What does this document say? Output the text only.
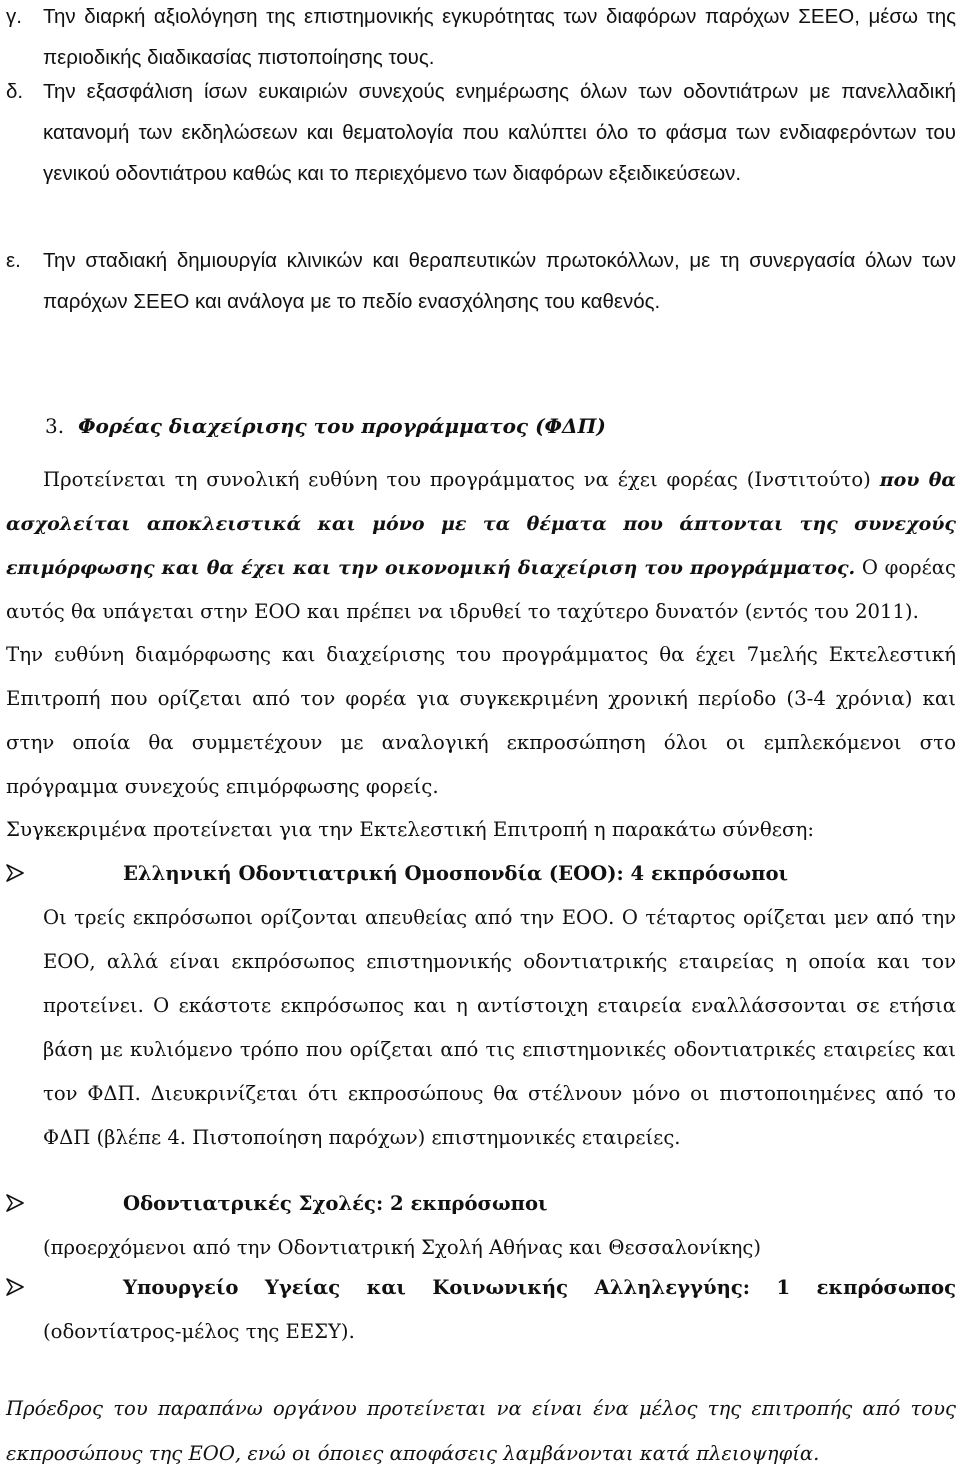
γ. Την διαρκή αξιολόγηση της επιστημονικής εγκυρότητας των διαφόρων παρόχων ΣΕΕΟ, μέσω της περιοδικής διαδικασίας πιστοποίησης τους.
δ. Την εξασφάλιση ίσων ευκαιριών συνεχούς ενημέρωσης όλων των οδοντιάτρων με πανελλαδική κατανομή των εκδηλώσεων και θεματολογία που καλύπτει όλο το φάσμα των ενδιαφερόντων του γενικού οδοντιάτρου καθώς και το περιεχόμενο των διαφόρων εξειδικεύσεων.
ε. Την σταδιακή δημιουργία κλινικών και θεραπευτικών πρωτοκόλλων, με τη συνεργασία όλων των παρόχων ΣΕΕΟ και ανάλογα με το πεδίο ενασχόλησης του καθενός.
3. Φορέας διαχείρισης του προγράμματος (ΦΔΠ)
Προτείνεται τη συνολική ευθύνη του προγράμματος να έχει φορέας (Ινστιτούτο) που θα ασχολείται αποκλειστικά και μόνο με τα θέματα που άπτονται της συνεχούς επιμόρφωσης και θα έχει και την οικονομική διαχείριση του προγράμματος. Ο φορέας αυτός θα υπάγεται στην ΕΟΟ και πρέπει να ιδρυθεί το ταχύτερο δυνατόν (εντός του 2011).
Την ευθύνη διαμόρφωσης και διαχείρισης του προγράμματος θα έχει 7μελής Εκτελεστική Επιτροπή που ορίζεται από τον φορέα για συγκεκριμένη χρονική περίοδο (3-4 χρόνια) και στην οποία θα συμμετέχουν με αναλογική εκπροσώπηση όλοι οι εμπλεκόμενοι στο πρόγραμμα συνεχούς επιμόρφωσης φορείς.
Συγκεκριμένα προτείνεται για την Εκτελεστική Επιτροπή η παρακάτω σύνθεση:
Ελληνική Οδοντιατρική Ομοσπονδία (ΕΟΟ): 4 εκπρόσωποι
Οι τρείς εκπρόσωποι ορίζονται απευθείας από την ΕΟΟ. Ο τέταρτος ορίζεται μεν από την ΕΟΟ, αλλά είναι εκπρόσωπος επιστημονικής οδοντιατρικής εταιρείας η οποία και τον προτείνει. Ο εκάστοτε εκπρόσωπος και η αντίστοιχη εταιρεία εναλλάσσονται σε ετήσια βάση με κυλιόμενο τρόπο που ορίζεται από τις επιστημονικές οδοντιατρικές εταιρείες και τον ΦΔΠ. Διευκρινίζεται ότι εκπροσώπους θα στέλνουν μόνο οι πιστοποιημένες από το ΦΔΠ (βλέπε 4. Πιστοποίηση παρόχων) επιστημονικές εταιρείες.
Οδοντιατρικές Σχολές: 2 εκπρόσωποι
(προερχόμενοι από την Οδοντιατρική Σχολή Αθήνας και Θεσσαλονίκης)
Υπουργείο Υγείας και Κοινωνικής Αλληλεγγύης: 1 εκπρόσωπος
(οδοντίατρος-μέλος της ΕΕΣΥ).
Πρόεδρος του παραπάνω οργάνου προτείνεται να είναι ένα μέλος της επιτροπής από τους εκπροσώπους της ΕΟΟ, ενώ οι όποιες αποφάσεις λαμβάνονται κατά πλειοψηφία.
